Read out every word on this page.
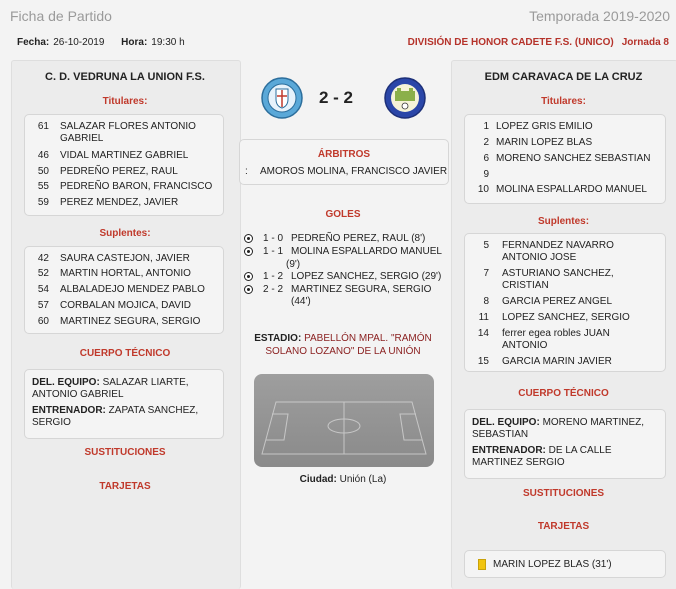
Ficha de Partido	Temporada 2019-2020
Fecha: 26-10-2019 Hora: 19:30 h	DIVISIÓN DE HONOR CADETE F.S. (UNICO) Jornada 8
C. D. VEDRUNA LA UNION F.S.
Titulares:
61 SALAZAR FLORES ANTONIO
GABRIEL
46 VIDAL MARTINEZ GABRIEL
50 PEDREÑO PEREZ, RAUL
55 PEDREÑO BARON, FRANCISCO
59 PEREZ MENDEZ, JAVIER
Suplentes:
42 SAURA CASTEJON, JAVIER
52 MARTIN HORTAL, ANTONIO
54 ALBALADEJO MENDEZ PABLO
57 CORBALAN MOJICA, DAVID
60 MARTINEZ SEGURA, SERGIO
CUERPO TÉCNICO
DEL. EQUIPO: SALAZAR LIARTE,
ANTONIO GABRIEL
ENTRENADOR: ZAPATA SANCHEZ,
SERGIO
SUSTITUCIONES
TARJETAS
2 - 2
ÁRBITROS
: AMOROS MOLINA, FRANCISCO JAVIER
GOLES
1 - 0 PEDREÑO PEREZ, RAUL (8')
1 - 1 MOLINA ESPALLARDO MANUEL
(9')
1 - 2 LOPEZ SANCHEZ, SERGIO (29')
2 - 2 MARTINEZ SEGURA, SERGIO (44')
ESTADIO: PABELLÓN MPAL. "RAMÓN SOLANO LOZANO" DE LA UNIÓN
Ciudad: Unión (La)
EDM CARAVACA DE LA CRUZ
Titulares:
1 LOPEZ GRIS EMILIO
2 MARIN LOPEZ BLAS
6 MORENO SANCHEZ SEBASTIAN
9
10 MOLINA ESPALLARDO MANUEL
Suplentes:
5 FERNANDEZ NAVARRO
ANTONIO JOSE
7 ASTURIANO SANCHEZ,
CRISTIAN
8 GARCIA PEREZ ANGEL
11 LOPEZ SANCHEZ, SERGIO
14 ferrer egea robles JUAN
ANTONIO
15 GARCIA MARIN JAVIER
CUERPO TÉCNICO
DEL. EQUIPO: MORENO MARTINEZ,
SEBASTIAN
ENTRENADOR: DE LA CALLE
MARTINEZ SERGIO
SUSTITUCIONES
TARJETAS
MARIN LOPEZ BLAS (31')
